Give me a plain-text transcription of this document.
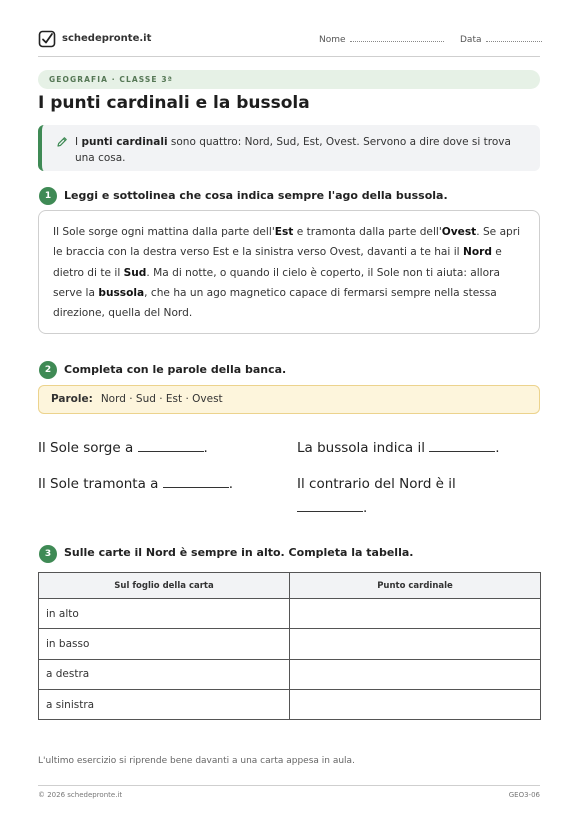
schedepronte.it	Nome	Data
GEOGRAFIA · CLASSE 3ª
I punti cardinali e la bussola
I punti cardinali sono quattro: Nord, Sud, Est, Ovest. Servono a dire dove si trova una cosa.
1	Leggi e sottolinea che cosa indica sempre l'ago della bussola.
Il Sole sorge ogni mattina dalla parte dell'Est e tramonta dalla parte dell'Ovest. Se apri le braccia con la destra verso Est e la sinistra verso Ovest, davanti a te hai il Nord e dietro di te il Sud. Ma di notte, o quando il cielo è coperto, il Sole non ti aiuta: allora serve la bussola, che ha un ago magnetico capace di fermarsi sempre nella stessa direzione, quella del Nord.
2	Completa con le parole della banca.
Parole: Nord · Sud · Est · Ovest
Il Sole sorge a	.	La bussola indica il	.
Il Sole tramonta a	.	Il contrario del Nord è il
.
3	Sulle carte il Nord è sempre in alto. Completa la tabella.
Sul foglio della carta	Punto cardinale
in alto	
in basso	
a destra	
a sinistra	
L'ultimo esercizio si riprende bene davanti a una carta appesa in aula.
© 2026 schedepronte.it	GEO3-06
